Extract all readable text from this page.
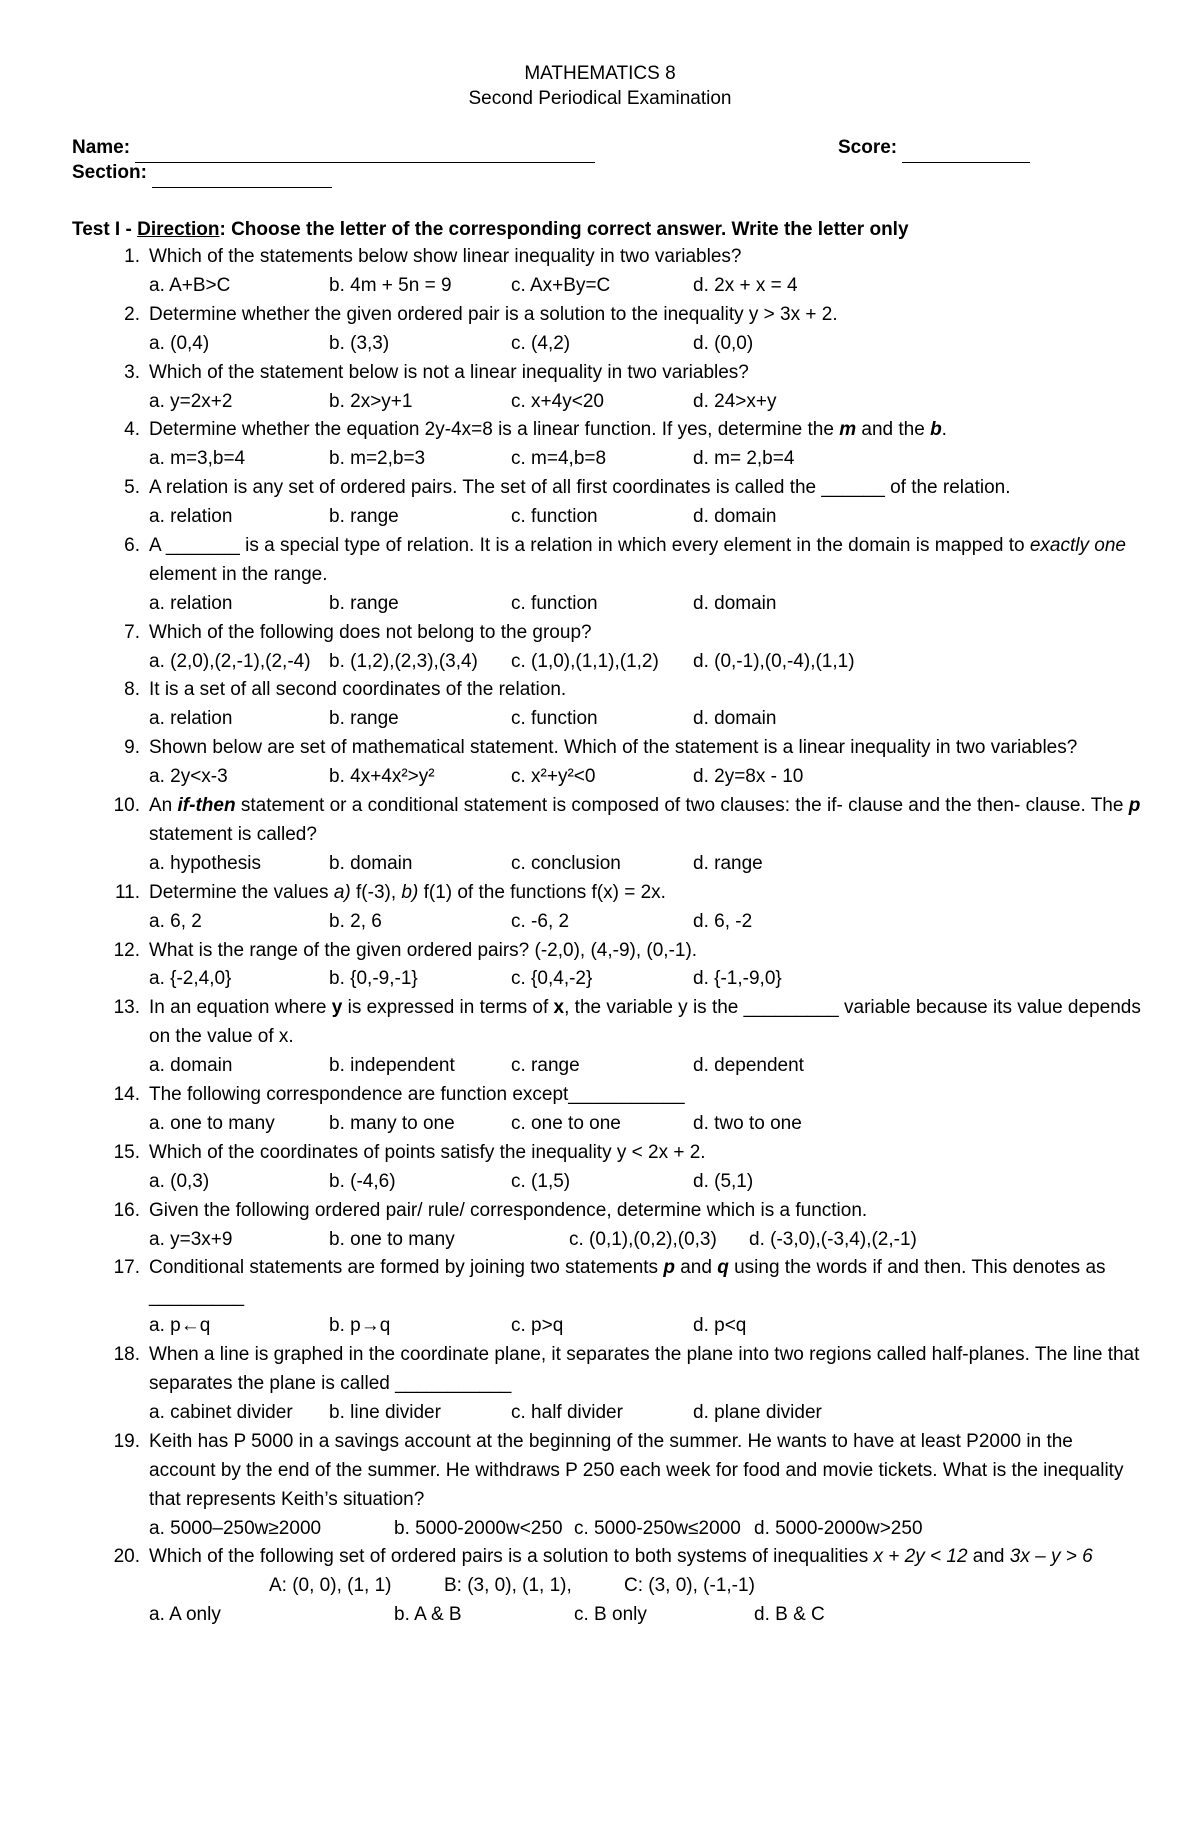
MATHEMATICS 8
Second Periodical Examination
Name:	Score:
Section:
Test I - Direction: Choose the letter of the corresponding correct answer. Write the letter only
1. Which of the statements below show linear inequality in two variables?
a. A+B>C	b. 4m + 5n = 9	c. Ax+By=C	d. 2x + x = 4
2. Determine whether the given ordered pair is a solution to the inequality y > 3x + 2.
a. (0,4)	b. (3,3)	c. (4,2)	d. (0,0)
3. Which of the statement below is not a linear inequality in two variables?
a. y=2x+2	b. 2x>y+1	c. x+4y<20	d. 24>x+y
4. Determine whether the equation 2y-4x=8 is a linear function. If yes, determine the m and the b.
a. m=3,b=4	b. m=2,b=3	c. m=4,b=8	d. m= 2,b=4
5. A relation is any set of ordered pairs. The set of all first coordinates is called the ______ of the relation.
a. relation	b. range	c. function	d. domain
6. A _______ is a special type of relation. It is a relation in which every element in the domain is mapped to exactly one element in the range.
a. relation	b. range	c. function	d. domain
7. Which of the following does not belong to the group?
a. (2,0),(2,-1),(2,-4) b. (1,2),(2,3),(3,4) c. (1,0),(1,1),(1,2) d. (0,-1),(0,-4),(1,1)
8. It is a set of all second coordinates of the relation.
a. relation	b. range	c. function	d. domain
9. Shown below are set of mathematical statement. Which of the statement is a linear inequality in two variables?
a. 2y<x-3	b. 4x+4x²>y²	c. x²+y²<0	d. 2y=8x - 10
10. An if-then statement or a conditional statement is composed of two clauses: the if- clause and the then- clause. The p statement is called?
a. hypothesis	b. domain	c. conclusion	d. range
11. Determine the values a) f(-3), b) f(1) of the functions f(x) = 2x.
a. 6, 2	b. 2, 6	c. -6, 2	d. 6, -2
12. What is the range of the given ordered pairs? (-2,0), (4,-9), (0,-1).
a. {-2,4,0}	b. {0,-9,-1}	c. {0,4,-2}	d. {-1,-9,0}
13. In an equation where y is expressed in terms of x, the variable y is the _________ variable because its value depends on the value of x.
a. domain	b. independent	c. range	d. dependent
14. The following correspondence are function except___________
a. one to many	b. many to one	c. one to one	d. two to one
15. Which of the coordinates of points satisfy the inequality y < 2x + 2.
a. (0,3)	b. (-4,6)	c. (1,5)	d. (5,1)
16. Given the following ordered pair/ rule/ correspondence, determine which is a function.
a. y=3x+9	b. one to many	c. (0,1),(0,2),(0,3) d. (-3,0),(-3,4),(2,-1)
17. Conditional statements are formed by joining two statements p and q using the words if and then. This denotes as _________
a. p←q	b. p→q	c. p>q	d. p<q
18. When a line is graphed in the coordinate plane, it separates the plane into two regions called half-planes. The line that separates the plane is called ___________
a. cabinet divider b. line divider	c. half divider	d. plane divider
19. Keith has P 5000 in a savings account at the beginning of the summer. He wants to have at least P2000 in the account by the end of the summer. He withdraws P 250 each week for food and movie tickets. What is the inequality that represents Keith’s situation?
a. 5000–250w≥2000	b. 5000-2000w<250 c. 5000-250w≤2000 d. 5000-2000w>250
20. Which of the following set of ordered pairs is a solution to both systems of inequalities x + 2y < 12 and 3x – y > 6
A: (0, 0), (1, 1)	B: (3, 0), (1, 1),	C: (3, 0), (-1,-1)
a. A only	b. A & B	c. B only	d. B & C
